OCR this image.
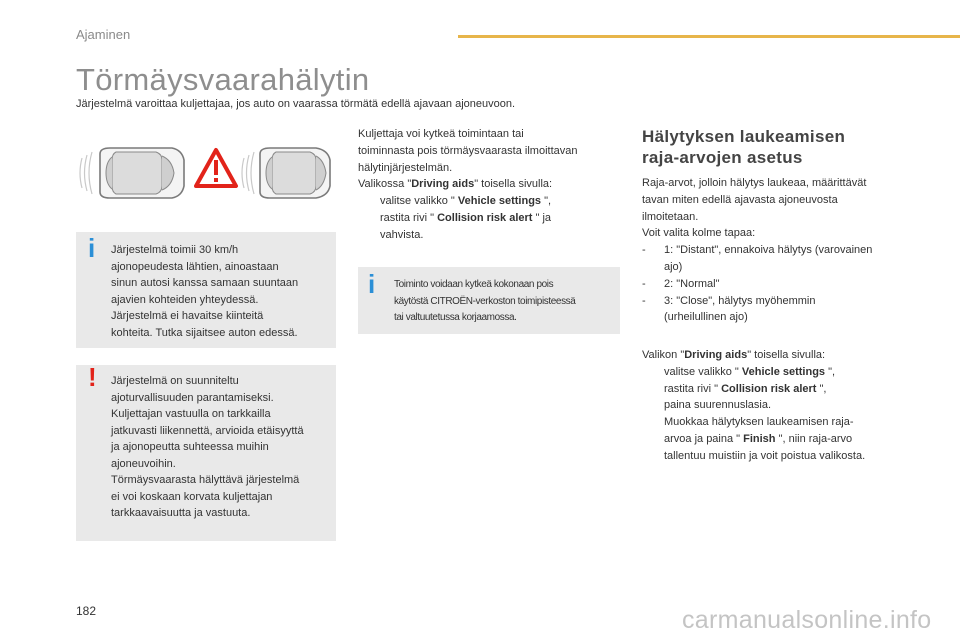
Ajaminen
Törmäysvaarahälytin

Järjestelmä varoittaa kuljettajaa, jos auto on vaarassa törmätä edellä ajavaan ajoneuvoon.

i Järjestelmä toimii 30 km/h
ajonopeudesta lähtien, ainoastaan
sinun autosi kanssa samaan suuntaan
ajavien kohteiden yhteydessä.
Järjestelmä ei havaitse kiinteitä
kohteita. Tutka sijaitsee auton edessä.
! Järjestelmä on suunniteltu
ajoturvallisuuden parantamiseksi.
Kuljettajan vastuulla on tarkkailla
jatkuvasti liikennettä, arvioida etäisyyttä
ja ajonopeutta suhteessa muihin
ajoneuvoihin.
Törmäysvaarasta hälyttävä järjestelmä
ei voi koskaan korvata kuljettajan
tarkkaavaisuutta ja vastuuta.
Kuljettaja voi kytkeä toimintaan tai
toiminnasta pois törmäysvaarasta ilmoittavan
hälytinjärjestelmän.
Valikossa "Driving aids" toisella sivulla:
valitse valikko " Vehicle settings ",
rastita rivi " Collision risk alert " ja
vahvista.
i Toiminto voidaan kytkeä kokonaan pois
käytöstä CITROËN-verkoston toimipisteessä
tai valtuutetussa korjaamossa.
Hälytyksen laukeamisen
raja-arvojen asetus
Raja-arvot, jolloin hälytys laukeaa, määrittävät
tavan miten edellä ajavasta ajoneuvosta
ilmoitetaan.
Voit valita kolme tapaa:
-	1: "Distant", ennakoiva hälytys (varovainen
ajo)
-	2: "Normal"
-	3: "Close", hälytys myöhemmin
(urheilullinen ajo)
Valikon "Driving aids" toisella sivulla:
valitse valikko " Vehicle settings ",
rastita rivi " Collision risk alert ",
paina suurennuslasia.
Muokkaa hälytyksen laukeamisen raja-
arvoa ja paina " Finish ", niin raja-arvo
tallentuu muistiin ja voit poistua valikosta.
182	carmanualsonline.info
